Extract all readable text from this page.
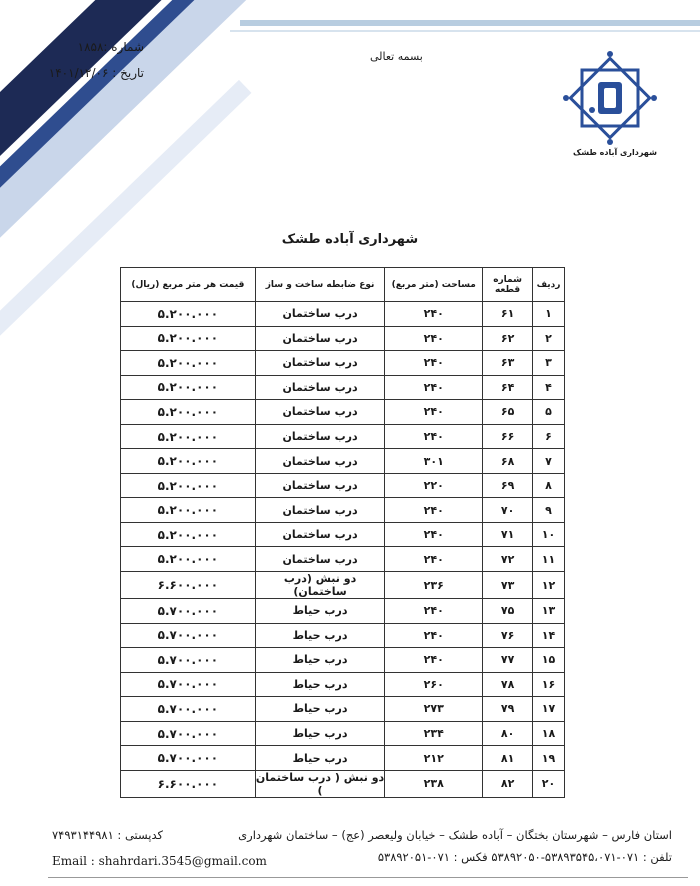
شماره :۱۸۵۸
تاریخ : ۱۴۰۱/۱۲/۰۶
بسمه تعالی
شهرداری آباده طشک
شهرداری آباده طشک
ردیف	شماره قطعه	مساحت (متر مربع)	نوع ضابطه ساخت و ساز	قیمت هر متر مربع (ریال)
۱	۶۱	۲۴۰	درب ساختمان	۵.۲۰۰.۰۰۰
۲	۶۲	۲۴۰	درب ساختمان	۵.۲۰۰.۰۰۰
۳	۶۳	۲۴۰	درب ساختمان	۵.۲۰۰.۰۰۰
۴	۶۴	۲۴۰	درب ساختمان	۵.۲۰۰.۰۰۰
۵	۶۵	۲۴۰	درب ساختمان	۵.۲۰۰.۰۰۰
۶	۶۶	۲۴۰	درب ساختمان	۵.۲۰۰.۰۰۰
۷	۶۸	۳۰۱	درب ساختمان	۵.۲۰۰.۰۰۰
۸	۶۹	۲۲۰	درب ساختمان	۵.۲۰۰.۰۰۰
۹	۷۰	۲۴۰	درب ساختمان	۵.۲۰۰.۰۰۰
۱۰	۷۱	۲۴۰	درب ساختمان	۵.۲۰۰.۰۰۰
۱۱	۷۲	۲۴۰	درب ساختمان	۵.۲۰۰.۰۰۰
۱۲	۷۳	۲۳۶	دو نبش (درب ساختمان)	۶.۶۰۰.۰۰۰
۱۳	۷۵	۲۴۰	درب حیاط	۵.۷۰۰.۰۰۰
۱۴	۷۶	۲۴۰	درب حیاط	۵.۷۰۰.۰۰۰
۱۵	۷۷	۲۴۰	درب حیاط	۵.۷۰۰.۰۰۰
۱۶	۷۸	۲۶۰	درب حیاط	۵.۷۰۰.۰۰۰
۱۷	۷۹	۲۷۳	درب حیاط	۵.۷۰۰.۰۰۰
۱۸	۸۰	۲۳۴	درب حیاط	۵.۷۰۰.۰۰۰
۱۹	۸۱	۲۱۲	درب حیاط	۵.۷۰۰.۰۰۰
۲۰	۸۲	۲۳۸	دو نبش ( درب ساختمان )	۶.۶۰۰.۰۰۰
استان فارس – شهرستان بختگان – آباده طشک – خیابان ولیعصر (عج) – ساختمان شهرداری
تلفن : ۰۷۱-۵۳۸۹۳۵۴۵،۰۷۱-۵۳۸۹۲۰۵۰ فکس : ۰۷۱-۵۳۸۹۲۰۵۱
کدپستی : ۷۴۹۳۱۴۴۹۸۱
Email : shahrdari.3545@gmail.com
